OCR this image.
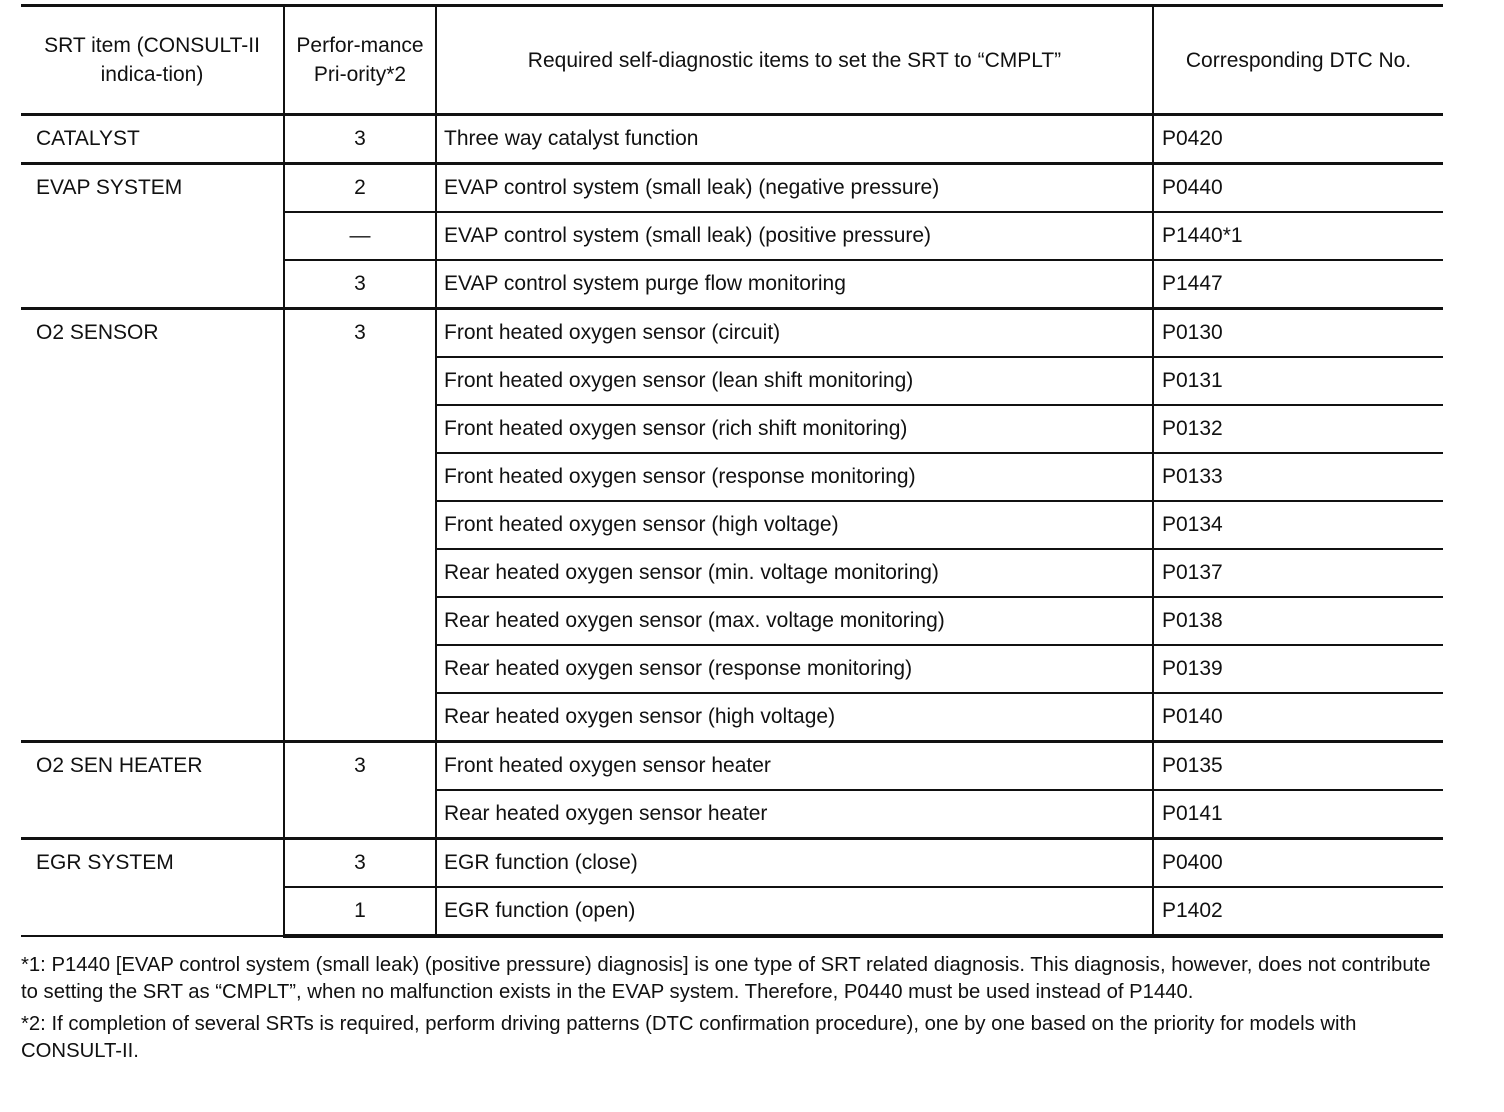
SRT item (CONSULT-II indica-tion)	Perfor-mance Pri-ority*2	Required self-diagnostic items to set the SRT to “CMPLT”	Corresponding DTC No.
CATALYST	3	Three way catalyst function	P0420
EVAP SYSTEM	2	EVAP control system (small leak) (negative pressure)	P0440
	—	EVAP control system (small leak) (positive pressure)	P1440*1
	3	EVAP control system purge flow monitoring	P1447
O2 SENSOR	3	Front heated oxygen sensor (circuit)	P0130
		Front heated oxygen sensor (lean shift monitoring)	P0131
		Front heated oxygen sensor (rich shift monitoring)	P0132
		Front heated oxygen sensor (response monitoring)	P0133
		Front heated oxygen sensor (high voltage)	P0134
		Rear heated oxygen sensor (min. voltage monitoring)	P0137
		Rear heated oxygen sensor (max. voltage monitoring)	P0138
		Rear heated oxygen sensor (response monitoring)	P0139
		Rear heated oxygen sensor (high voltage)	P0140
O2 SEN HEATER	3	Front heated oxygen sensor heater	P0135
		Rear heated oxygen sensor heater	P0141
EGR SYSTEM	3	EGR function (close)	P0400
	1	EGR function (open)	P1402

*1: P1440 [EVAP control system (small leak) (positive pressure) diagnosis] is one type of SRT related diagnosis. This diagnosis, however, does not contribute to setting the SRT as “CMPLT”, when no malfunction exists in the EVAP system. Therefore, P0440 must be used instead of P1440.

*2: If completion of several SRTs is required, perform driving patterns (DTC confirmation procedure), one by one based on the priority for models with CONSULT-II.
